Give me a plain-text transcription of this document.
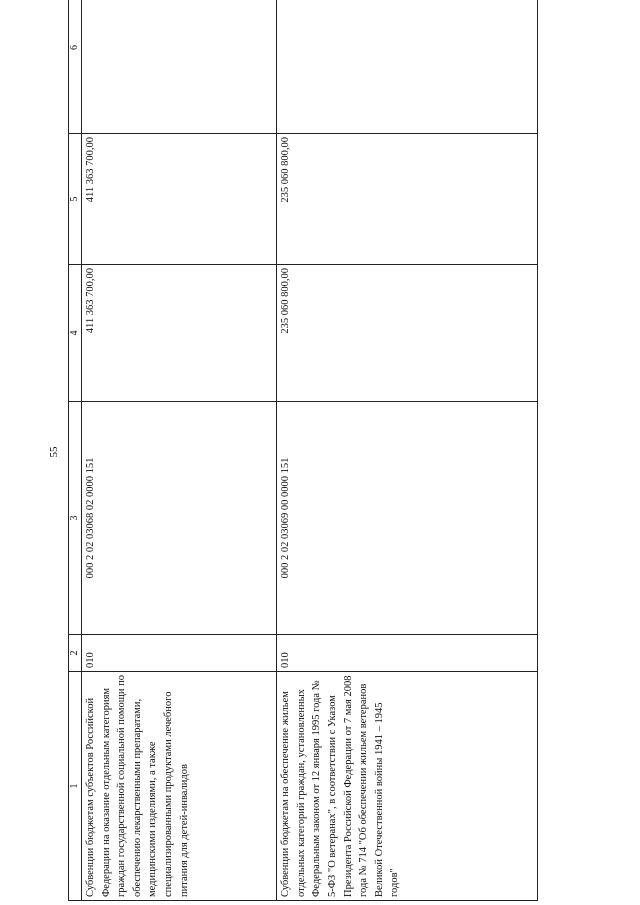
55
1	2	3	4	5	6
Субвенции бюджетам субъектов Российской Федерации на оказание отдельным категориям граждан государственной социальной помощи по обеспечению лекарственными препаратами, медицинскими изделиями, а также специализированными продуктами лечебного питания для детей-инвалидов	010	000 2 02 03068 02 0000 151	411 363 700,00	411 363 700,00	
Субвенции бюджетам на обеспечение жильем отдельных категорий граждан, установленных Федеральным законом от 12 января 1995 года № 5-ФЗ "О ветеранах", в соответствии с Указом Президента Российской Федерации от 7 мая 2008 года № 714 "Об обеспечении жильем ветеранов Великой Отечественной войны 1941 – 1945 годов"	010	000 2 02 03069 00 0000 151	235 060 800,00	235 060 800,00	
